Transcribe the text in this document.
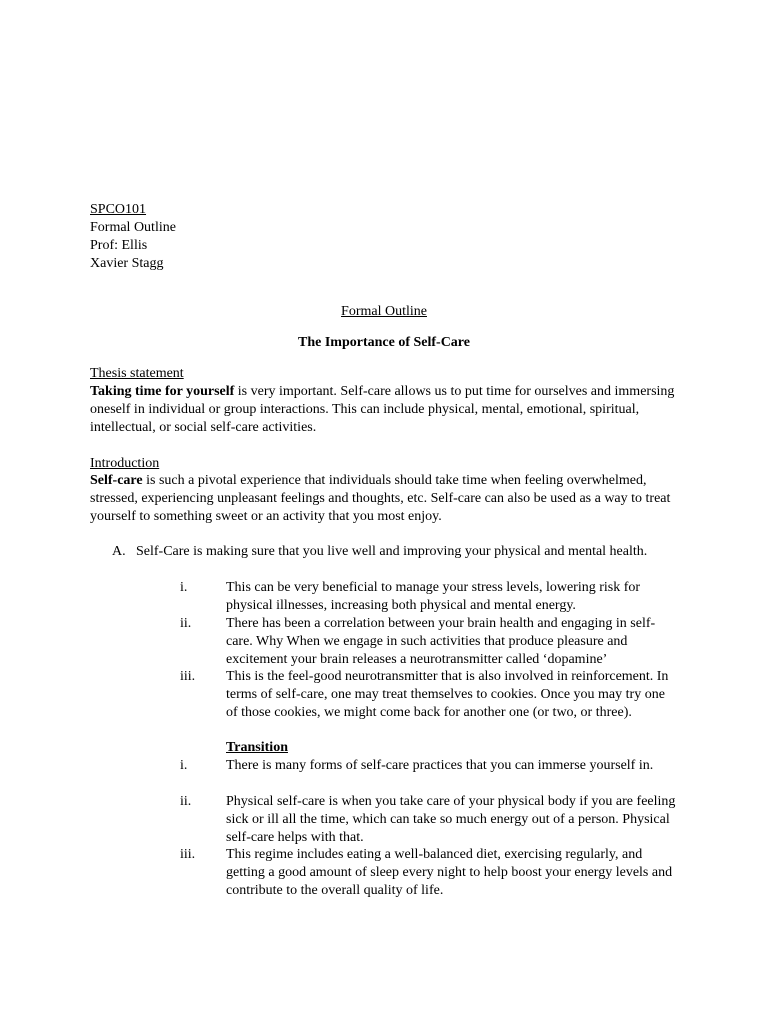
SPCO101
Formal Outline
Prof: Ellis
Xavier Stagg
Formal Outline
The Importance of Self-Care
Thesis statement
Taking time for yourself is very important. Self-care allows us to put time for ourselves and immersing oneself in individual or group interactions. This can include physical, mental, emotional, spiritual, intellectual, or social self-care activities.
Introduction
Self-care is such a pivotal experience that individuals should take time when feeling overwhelmed, stressed, experiencing unpleasant feelings and thoughts, etc. Self-care can also be used as a way to treat yourself to something sweet or an activity that you most enjoy.
A. Self-Care is making sure that you live well and improving your physical and mental health.
i.	This can be very beneficial to manage your stress levels, lowering risk for physical illnesses, increasing both physical and mental energy.
ii. There has been a correlation between your brain health and engaging in self-care. Why When we engage in such activities that produce pleasure and excitement your brain releases a neurotransmitter called ‘dopamine’
iii. This is the feel-good neurotransmitter that is also involved in reinforcement. In terms of self-care, one may treat themselves to cookies. Once you may try one of those cookies, we might come back for another one (or two, or three).
Transition
i.	There is many forms of self-care practices that you can immerse yourself in.
ii. Physical self-care is when you take care of your physical body if you are feeling sick or ill all the time, which can take so much energy out of a person. Physical self-care helps with that.
iii. This regime includes eating a well-balanced diet, exercising regularly, and getting a good amount of sleep every night to help boost your energy levels and contribute to the overall quality of life.
